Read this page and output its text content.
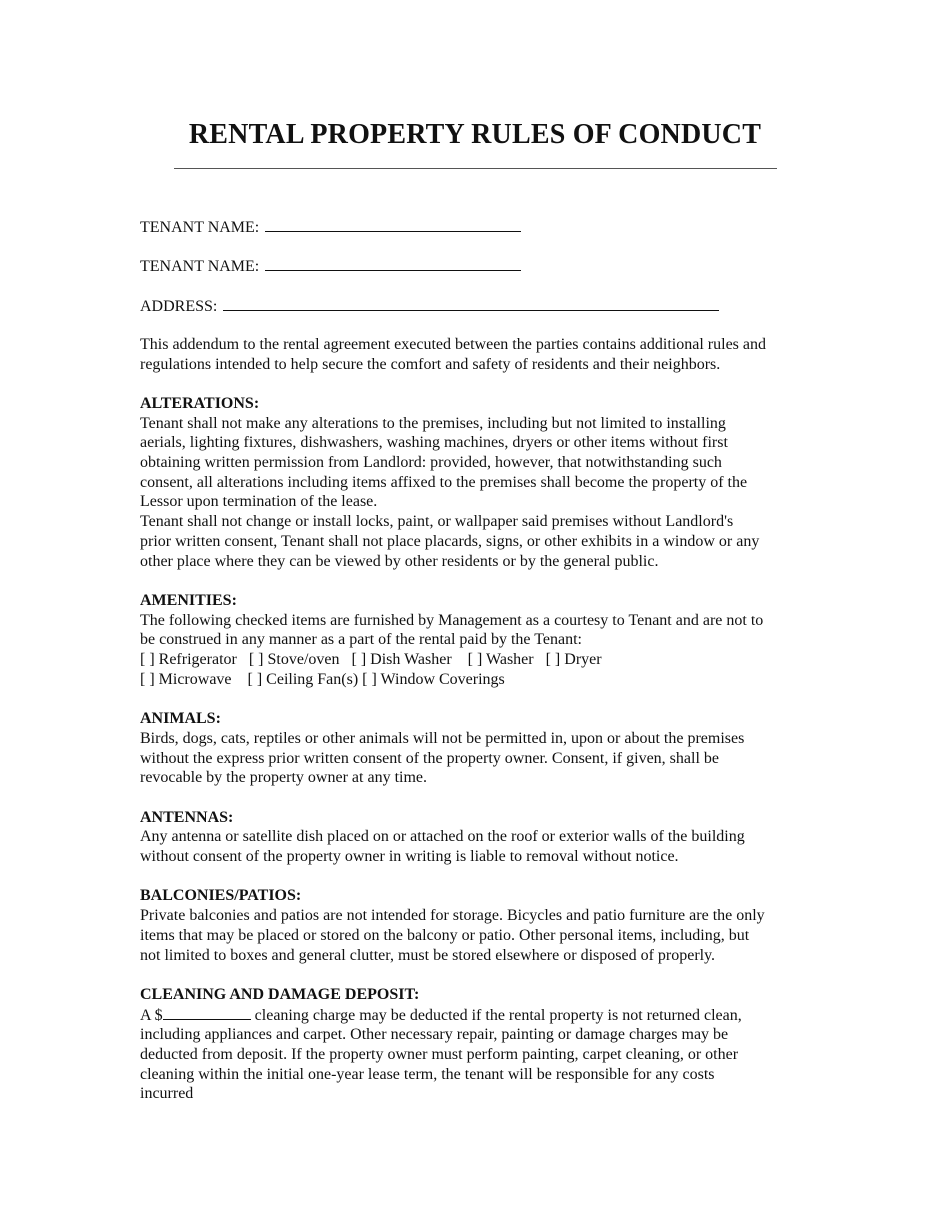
RENTAL PROPERTY RULES OF CONDUCT
TENANT NAME:
TENANT NAME:
ADDRESS:
This addendum to the rental agreement executed between the parties contains additional rules and
regulations intended to help secure the comfort and safety of residents and their neighbors.
ALTERATIONS:
Tenant shall not make any alterations to the premises, including but not limited to installing
aerials, lighting fixtures, dishwashers, washing machines, dryers or other items without first
obtaining written permission from Landlord: provided, however, that notwithstanding such
consent, all alterations including items affixed to the premises shall become the property of the
Lessor upon termination of the lease.
Tenant shall not change or install locks, paint, or wallpaper said premises without Landlord's
prior written consent, Tenant shall not place placards, signs, or other exhibits in a window or any
other place where they can be viewed by other residents or by the general public.
AMENITIES:
The following checked items are furnished by Management as a courtesy to Tenant and are not to
be construed in any manner as a part of the rental paid by the Tenant:
[ ] Refrigerator   [ ] Stove/oven   [ ] Dish Washer    [ ] Washer   [ ] Dryer
[ ] Microwave    [ ] Ceiling Fan(s) [ ] Window Coverings
ANIMALS:
Birds, dogs, cats, reptiles or other animals will not be permitted in, upon or about the premises
without the express prior written consent of the property owner. Consent, if given, shall be
revocable by the property owner at any time.
ANTENNAS:
Any antenna or satellite dish placed on or attached on the roof or exterior walls of the building
without consent of the property owner in writing is liable to removal without notice.
BALCONIES/PATIOS:
Private balconies and patios are not intended for storage. Bicycles and patio furniture are the only
items that may be placed or stored on the balcony or patio. Other personal items, including, but
not limited to boxes and general clutter, must be stored elsewhere or disposed of properly.
CLEANING AND DAMAGE DEPOSIT:
A $	cleaning charge may be deducted if the rental property is not returned clean,
including appliances and carpet. Other necessary repair, painting or damage charges may be
deducted from deposit. If the property owner must perform painting, carpet cleaning, or other
cleaning within the initial one-year lease term, the tenant will be responsible for any costs
incurred
